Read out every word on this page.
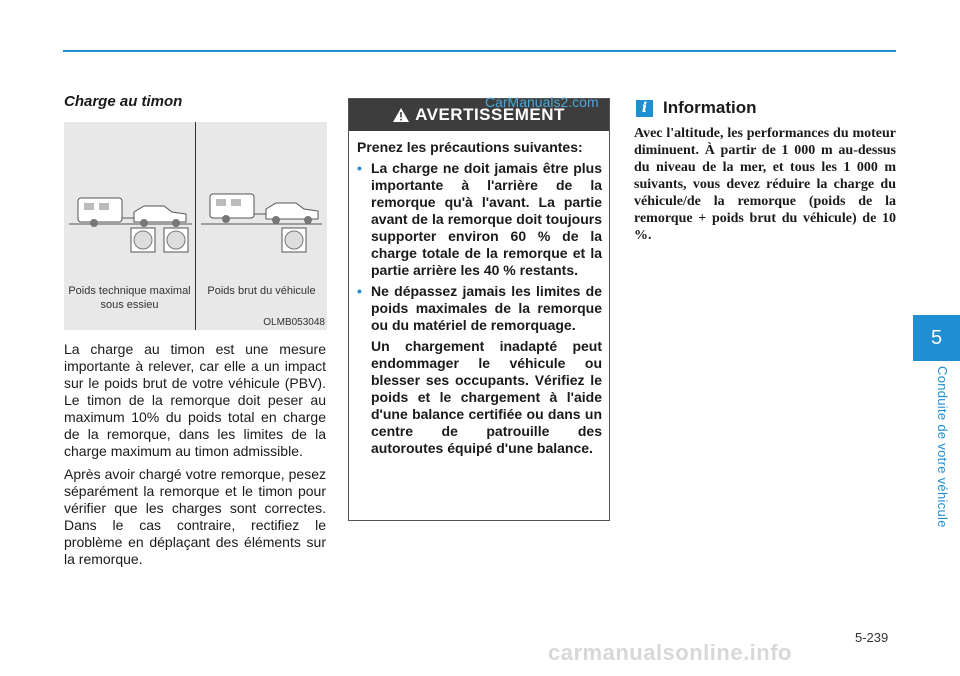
5
Conduite de votre véhicule
Charge au timon
Poids technique maximal sous essieu
Poids brut du véhicule
OLMB053048

La charge au timon est une mesure importante à relever, car elle a un impact sur le poids brut de votre véhicule (PBV). Le timon de la remorque doit peser au maximum 10% du poids total en charge de la remorque, dans les limites de la charge maximum au timon admissible.

Après avoir chargé votre remorque, pesez séparément la remorque et le timon pour vérifier que les charges sont correctes. Dans le cas contraire, rectifiez le problème en déplaçant des éléments sur la remorque.

AVERTISSEMENT

Prenez les précautions suivantes:

• La charge ne doit jamais être plus importante à l'arrière de la remorque qu'à l'avant. La partie avant de la remorque doit toujours supporter environ 60 % de la charge totale de la remorque et la partie arrière les 40 % restants.

• Ne dépassez jamais les limites de poids maximales de la remorque ou du matériel de remorquage.

Un chargement inadapté peut endommager le véhicule ou blesser ses occupants. Vérifiez le poids et le chargement à l'aide d'une balance certifiée ou dans un centre de patrouille des autoroutes équipé d'une balance.

CarManuals2.com	i Information
Avec l'altitude, les performances du moteur diminuent. À partir de 1 000 m au-dessus du niveau de la mer, et tous les 1 000 m suivants, vous devez réduire la charge du véhicule/de la remorque (poids de la remorque + poids brut du véhicule) de 10 %.
5-239
carmanualsonline.info
